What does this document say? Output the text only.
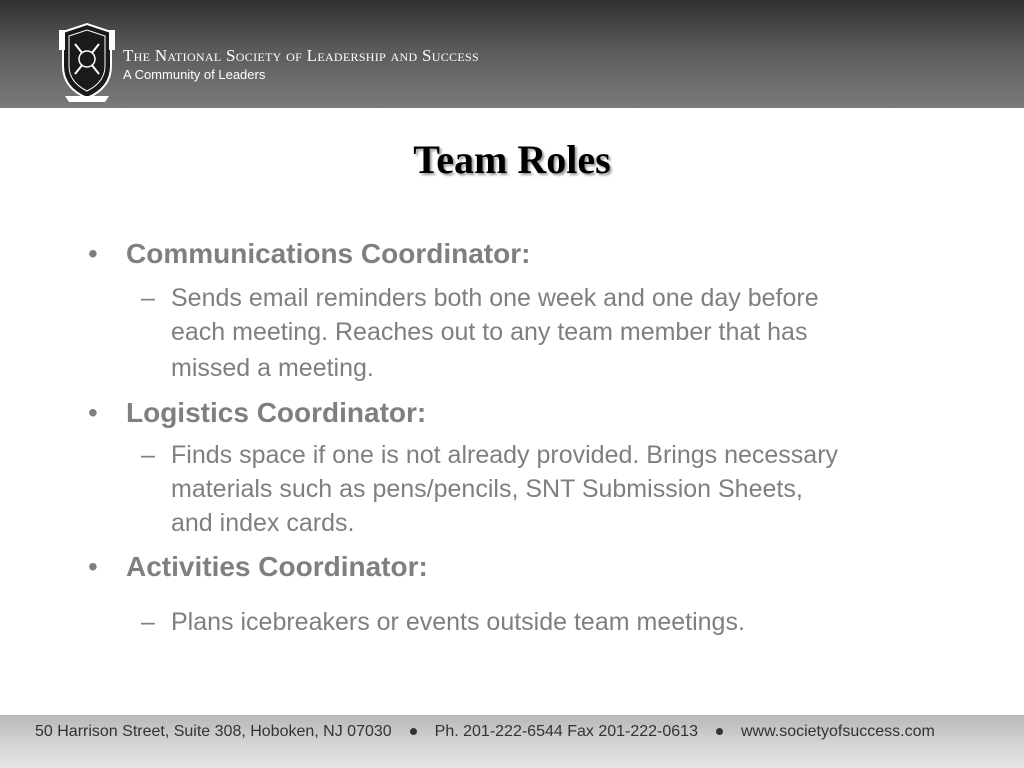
The National Society of Leadership and Success
A Community of Leaders
Team Roles
• Communications Coordinator:
– Sends email reminders both one week and one day before
each meeting. Reaches out to any team member that has
missed a meeting.
• Logistics Coordinator:
– Finds space if one is not already provided. Brings necessary
materials such as pens/pencils, SNT Submission Sheets,
and index cards.
• Activities Coordinator:
– Plans icebreakers or events outside team meetings.
50 Harrison Street, Suite 308, Hoboken, NJ 07030	Ph. 201-222-6544 Fax 201-222-0613	www.societyofsuccess.com
